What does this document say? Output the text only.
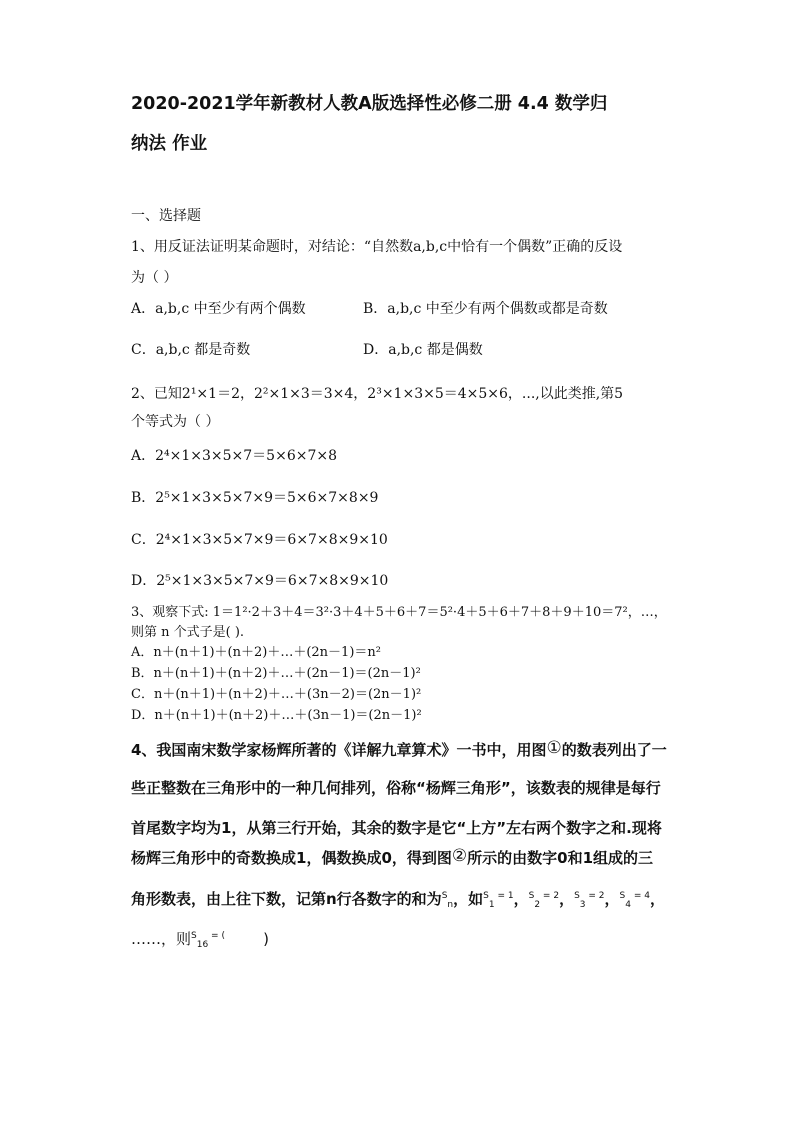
2020-2021学年新教材人教A版选择性必修二册 4.4 数学归
纳法 作业
一、选择题
1、用反证法证明某命题时，对结论：“自然数a,b,c中恰有一个偶数”正确的反设
为（ ）
A．a,b,c 中至少有两个偶数	B．a,b,c 中至少有两个偶数或都是奇数
C．a,b,c 都是奇数	D．a,b,c 都是偶数
2、已知2¹×1＝2，2²×1×3＝3×4，2³×1×3×5＝4×5×6，...,以此类推,第5
个等式为（ ）
A．2⁴×1×3×5×7＝5×6×7×8
B．2⁵×1×3×5×7×9＝5×6×7×8×9
C．2⁴×1×3×5×7×9＝6×7×8×9×10
D．2⁵×1×3×5×7×9＝6×7×8×9×10
3、观察下式: 1＝1²·2＋3＋4＝3²·3＋4＋5＋6＋7＝5²·4＋5＋6＋7＋8＋9＋10＝7²，…，
则第 n 个式子是( ).
A．n＋(n＋1)＋(n＋2)＋…＋(2n－1)＝n²
B．n＋(n＋1)＋(n＋2)＋…＋(2n－1)＝(2n－1)²
C．n＋(n＋1)＋(n＋2)＋…＋(3n－2)＝(2n－1)²
D．n＋(n＋1)＋(n＋2)＋…＋(3n－1)＝(2n－1)²
4、我国南宋数学家杨辉所著的《详解九章算术》一书中，用图①的数表列出了一
些正整数在三角形中的一种几何排列，俗称“杨辉三角形”，该数表的规律是每行
首尾数字均为1，从第三行开始，其余的数字是它“上方”左右两个数字之和.现将
杨辉三角形中的奇数换成1，偶数换成0，得到图②所示的由数字0和1组成的三
角形数表，由上往下数，记第n行各数字的和为$^S_n$，如$^S_1$ $^{= 1}$，$^S_2$ $^{= 2}$，$^S_3$ $^{= 2}$，$^S_4$ $^{= 4}$，
……，则$^S_{16}$ = (        )
